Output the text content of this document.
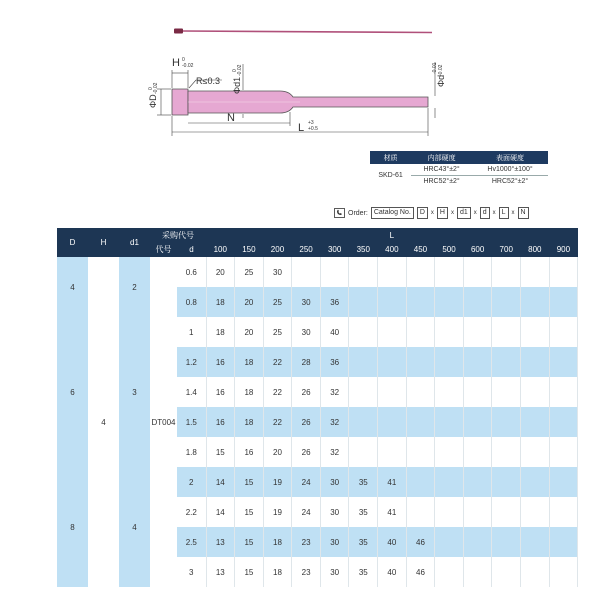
H 0
-0.02
R≤0.3
ΦD
0 -0.02	Φd1
0 -0.02
Φd
-0.01 -0.02
N
L +3
+0.5
材质	内部硬度	表面硬度
SKD-61	HRC43°±2°	Hv1000°±100°
	HRC52°±2°	HRC52°±2°
Order: Catalog No.	D	x H	x d1	x d	x L	x N
D	H	d1	采购代号		L												
			代号	d	100	150	200	250	300	350	400	450	500	600	700	800	900
4	4	2	DT004	0.6	20	25	30										
				0.8	18	20	25	30	36								
6		3		1	18	20	25	30	40								
				1.2	16	18	22	28	36								
				1.4	16	18	22	26	32								
				1.5	16	18	22	26	32								
				1.8	15	16	20	26	32								
8		4		2	14	15	19	24	30	35	41						
				2.2	14	15	19	24	30	35	41						
				2.5	13	15	18	23	30	35	40	46					
				3	13	15	18	23	30	35	40	46					
